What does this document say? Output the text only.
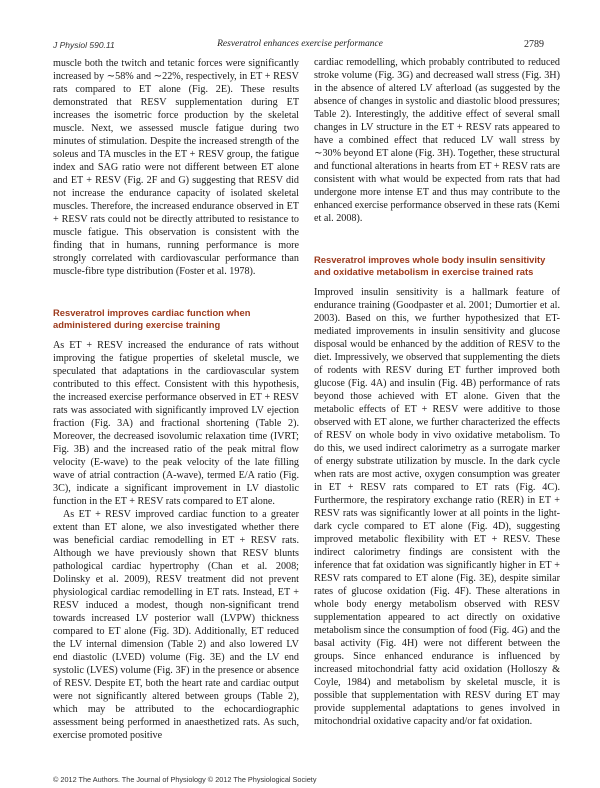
J Physiol 590.11	Resveratrol enhances exercise performance	2789

muscle both the twitch and tetanic forces were significantly increased by ∼58% and ∼22%, respectively, in ET + RESV rats compared to ET alone (Fig. 2E). These results demonstrated that RESV supplementation during ET increases the isometric force production by the skeletal muscle. Next, we assessed muscle fatigue during two minutes of stimulation. Despite the increased strength of the soleus and TA muscles in the ET + RESV group, the fatigue index and SAG ratio were not different between ET alone and ET + RESV (Fig. 2F and G) suggesting that RESV did not increase the endurance capacity of isolated skeletal muscles. Therefore, the increased endurance observed in ET + RESV rats could not be directly attributed to resistance to muscle fatigue. This observation is consistent with the finding that in humans, running performance is more strongly correlated with cardiovascular performance than muscle-fibre type distribution (Foster et al. 1978).

Resveratrol improves cardiac function when administered during exercise training

As ET + RESV increased the endurance of rats without improving the fatigue properties of skeletal muscle, we speculated that adaptations in the cardiovascular system contributed to this effect. Consistent with this hypothesis, the increased exercise performance observed in ET + RESV rats was associated with significantly improved LV ejection fraction (Fig. 3A) and fractional shortening (Table 2). Moreover, the decreased isovolumic relaxation time (IVRT; Fig. 3B) and the increased ratio of the peak mitral flow velocity (E-wave) to the peak velocity of the late filling wave of atrial contraction (A-wave), termed E/A ratio (Fig. 3C), indicate a significant improvement in LV diastolic function in the ET + RESV rats compared to ET alone.

As ET + RESV improved cardiac function to a greater extent than ET alone, we also investigated whether there was beneficial cardiac remodelling in ET + RESV rats. Although we have previously shown that RESV blunts pathological cardiac hypertrophy (Chan et al. 2008; Dolinsky et al. 2009), RESV treatment did not prevent physiological cardiac remodelling in ET rats. Instead, ET + RESV induced a modest, though non-significant trend towards increased LV posterior wall (LVPW) thickness compared to ET alone (Fig. 3D). Additionally, ET reduced the LV internal dimension (Table 2) and also lowered LV end diastolic (LVED) volume (Fig. 3E) and the LV end systolic (LVES) volume (Fig. 3F) in the presence or absence of RESV. Despite ET, both the heart rate and cardiac output were not significantly altered between groups (Table 2), which may be attributed to the echocardiographic assessment being performed in anaesthetized rats. As such, exercise promoted positive

cardiac remodelling, which probably contributed to reduced stroke volume (Fig. 3G) and decreased wall stress (Fig. 3H) in the absence of altered LV afterload (as suggested by the absence of changes in systolic and diastolic blood pressures; Table 2). Interestingly, the additive effect of several small changes in LV structure in the ET + RESV rats appeared to have a combined effect that reduced LV wall stress by ∼30% beyond ET alone (Fig. 3H). Together, these structural and functional alterations in hearts from ET + RESV rats are consistent with what would be expected from rats that had undergone more intense ET and thus may contribute to the enhanced exercise performance observed in these rats (Kemi et al. 2008).

Resveratrol improves whole body insulin sensitivity and oxidative metabolism in exercise trained rats

Improved insulin sensitivity is a hallmark feature of endurance training (Goodpaster et al. 2001; Dumortier et al. 2003). Based on this, we further hypothesized that ET-mediated improvements in insulin sensitivity and glucose disposal would be enhanced by the addition of RESV to the diet. Impressively, we observed that supplementing the diets of rodents with RESV during ET further improved both glucose (Fig. 4A) and insulin (Fig. 4B) performance of rats beyond those achieved with ET alone. Given that the metabolic effects of ET + RESV were additive to those observed with ET alone, we further characterized the effects of RESV on whole body in vivo oxidative metabolism. To do this, we used indirect calorimetry as a surrogate marker of energy substrate utilization by muscle. In the dark cycle when rats are most active, oxygen consumption was greater in ET + RESV rats compared to ET rats (Fig. 4C). Furthermore, the respiratory exchange ratio (RER) in ET + RESV rats was significantly lower at all points in the light-dark cycle compared to ET alone (Fig. 4D), suggesting improved metabolic flexibility with ET + RESV. These indirect calorimetry findings are consistent with the inference that fat oxidation was significantly higher in ET + RESV rats compared to ET alone (Fig. 3E), despite similar rates of glucose oxidation (Fig. 4F). These alterations in whole body energy metabolism observed with RESV supplementation appeared to act directly on oxidative metabolism since the consumption of food (Fig. 4G) and the basal activity (Fig. 4H) were not different between the groups. Since enhanced endurance is influenced by increased mitochondrial fatty acid oxidation (Holloszy & Coyle, 1984) and metabolism by skeletal muscle, it is possible that supplementation with RESV during ET may provide supplemental adaptations to genes involved in mitochondrial oxidative capacity and/or fat oxidation.

© 2012 The Authors. The Journal of Physiology © 2012 The Physiological Society
